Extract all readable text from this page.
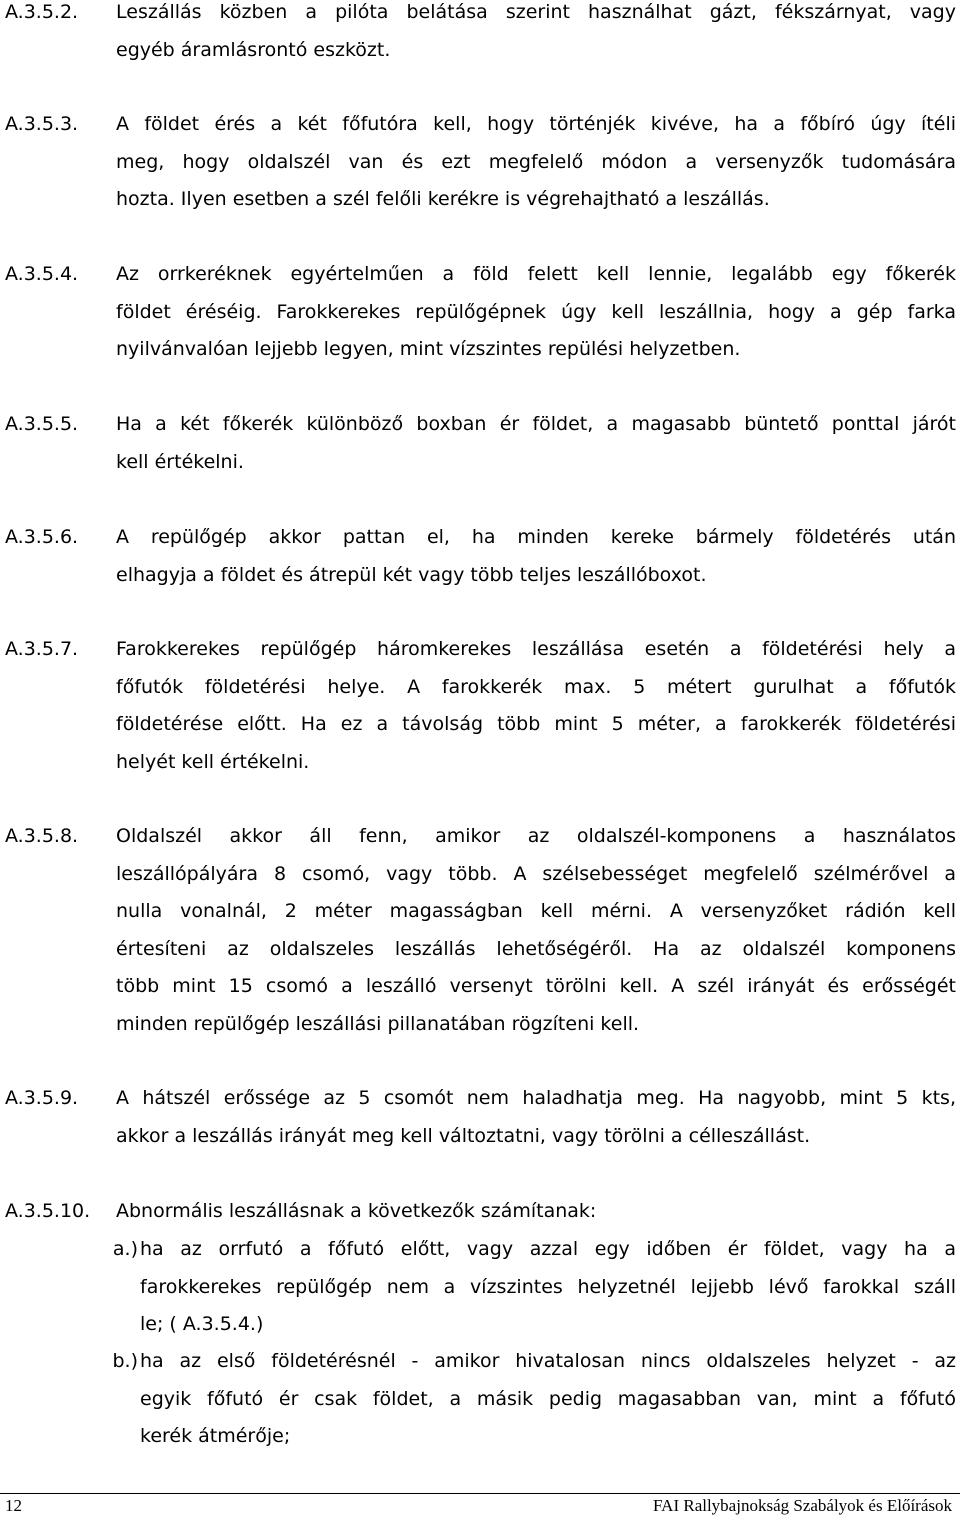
A.3.5.2. Leszállás közben a pilóta belátása szerint használhat gázt, fékszárnyat, vagy
egyéb áramlásrontó eszközt.
A.3.5.3. A földet érés a két főfutóra kell, hogy történjék kivéve, ha a főbíró úgy ítéli
meg, hogy oldalszél van és ezt megfelelő módon a versenyzők tudomására
hozta. Ilyen esetben a szél felőli kerékre is végrehajtható a leszállás.
A.3.5.4. Az orrkeréknek egyértelműen a föld felett kell lennie, legalább egy főkerék
földet éréséig. Farokkerekes repülőgépnek úgy kell leszállnia, hogy a gép farka
nyilvánvalóan lejjebb legyen, mint vízszintes repülési helyzetben.
A.3.5.5. Ha a két főkerék különböző boxban ér földet, a magasabb büntető ponttal járót
kell értékelni.
A.3.5.6. A repülőgép akkor pattan el, ha minden kereke bármely földetérés után
elhagyja a földet és átrepül két vagy több teljes leszállóboxot.
A.3.5.7. Farokkerekes repülőgép háromkerekes leszállása esetén a földetérési hely a
főfutók földetérési helye. A farokkerék max. 5 métert gurulhat a főfutók
földetérése előtt. Ha ez a távolság több mint 5 méter, a farokkerék földetérési
helyét kell értékelni.
A.3.5.8. Oldalszél akkor áll fenn, amikor az oldalszél-komponens a használatos
leszállópályára 8 csomó, vagy több. A szélsebességet megfelelő szélmérővel a
nulla vonalnál, 2 méter magasságban kell mérni. A versenyzőket rádión kell
értesíteni az oldalszeles leszállás lehetőségéről. Ha az oldalszél komponens
több mint 15 csomó a leszálló versenyt törölni kell. A szél irányát és erősségét
minden repülőgép leszállási pillanatában rögzíteni kell.
A.3.5.9. A hátszél erőssége az 5 csomót nem haladhatja meg. Ha nagyobb, mint 5 kts,
akkor a leszállás irányát meg kell változtatni, vagy törölni a célleszállást.
A.3.5.10. Abnormális leszállásnak a következők számítanak:
a.) ha az orrfutó a főfutó előtt, vagy azzal egy időben ér földet, vagy ha a
farokkerekes repülőgép nem a vízszintes helyzetnél lejjebb lévő farokkal száll
le; ( A.3.5.4.)
b.) ha az első földetérésnél - amikor hivatalosan nincs oldalszeles helyzet - az
egyik főfutó ér csak földet, a másik pedig magasabban van, mint a főfutó
kerék átmérője;
12	FAI Rallybajnokság Szabályok és Előírások
